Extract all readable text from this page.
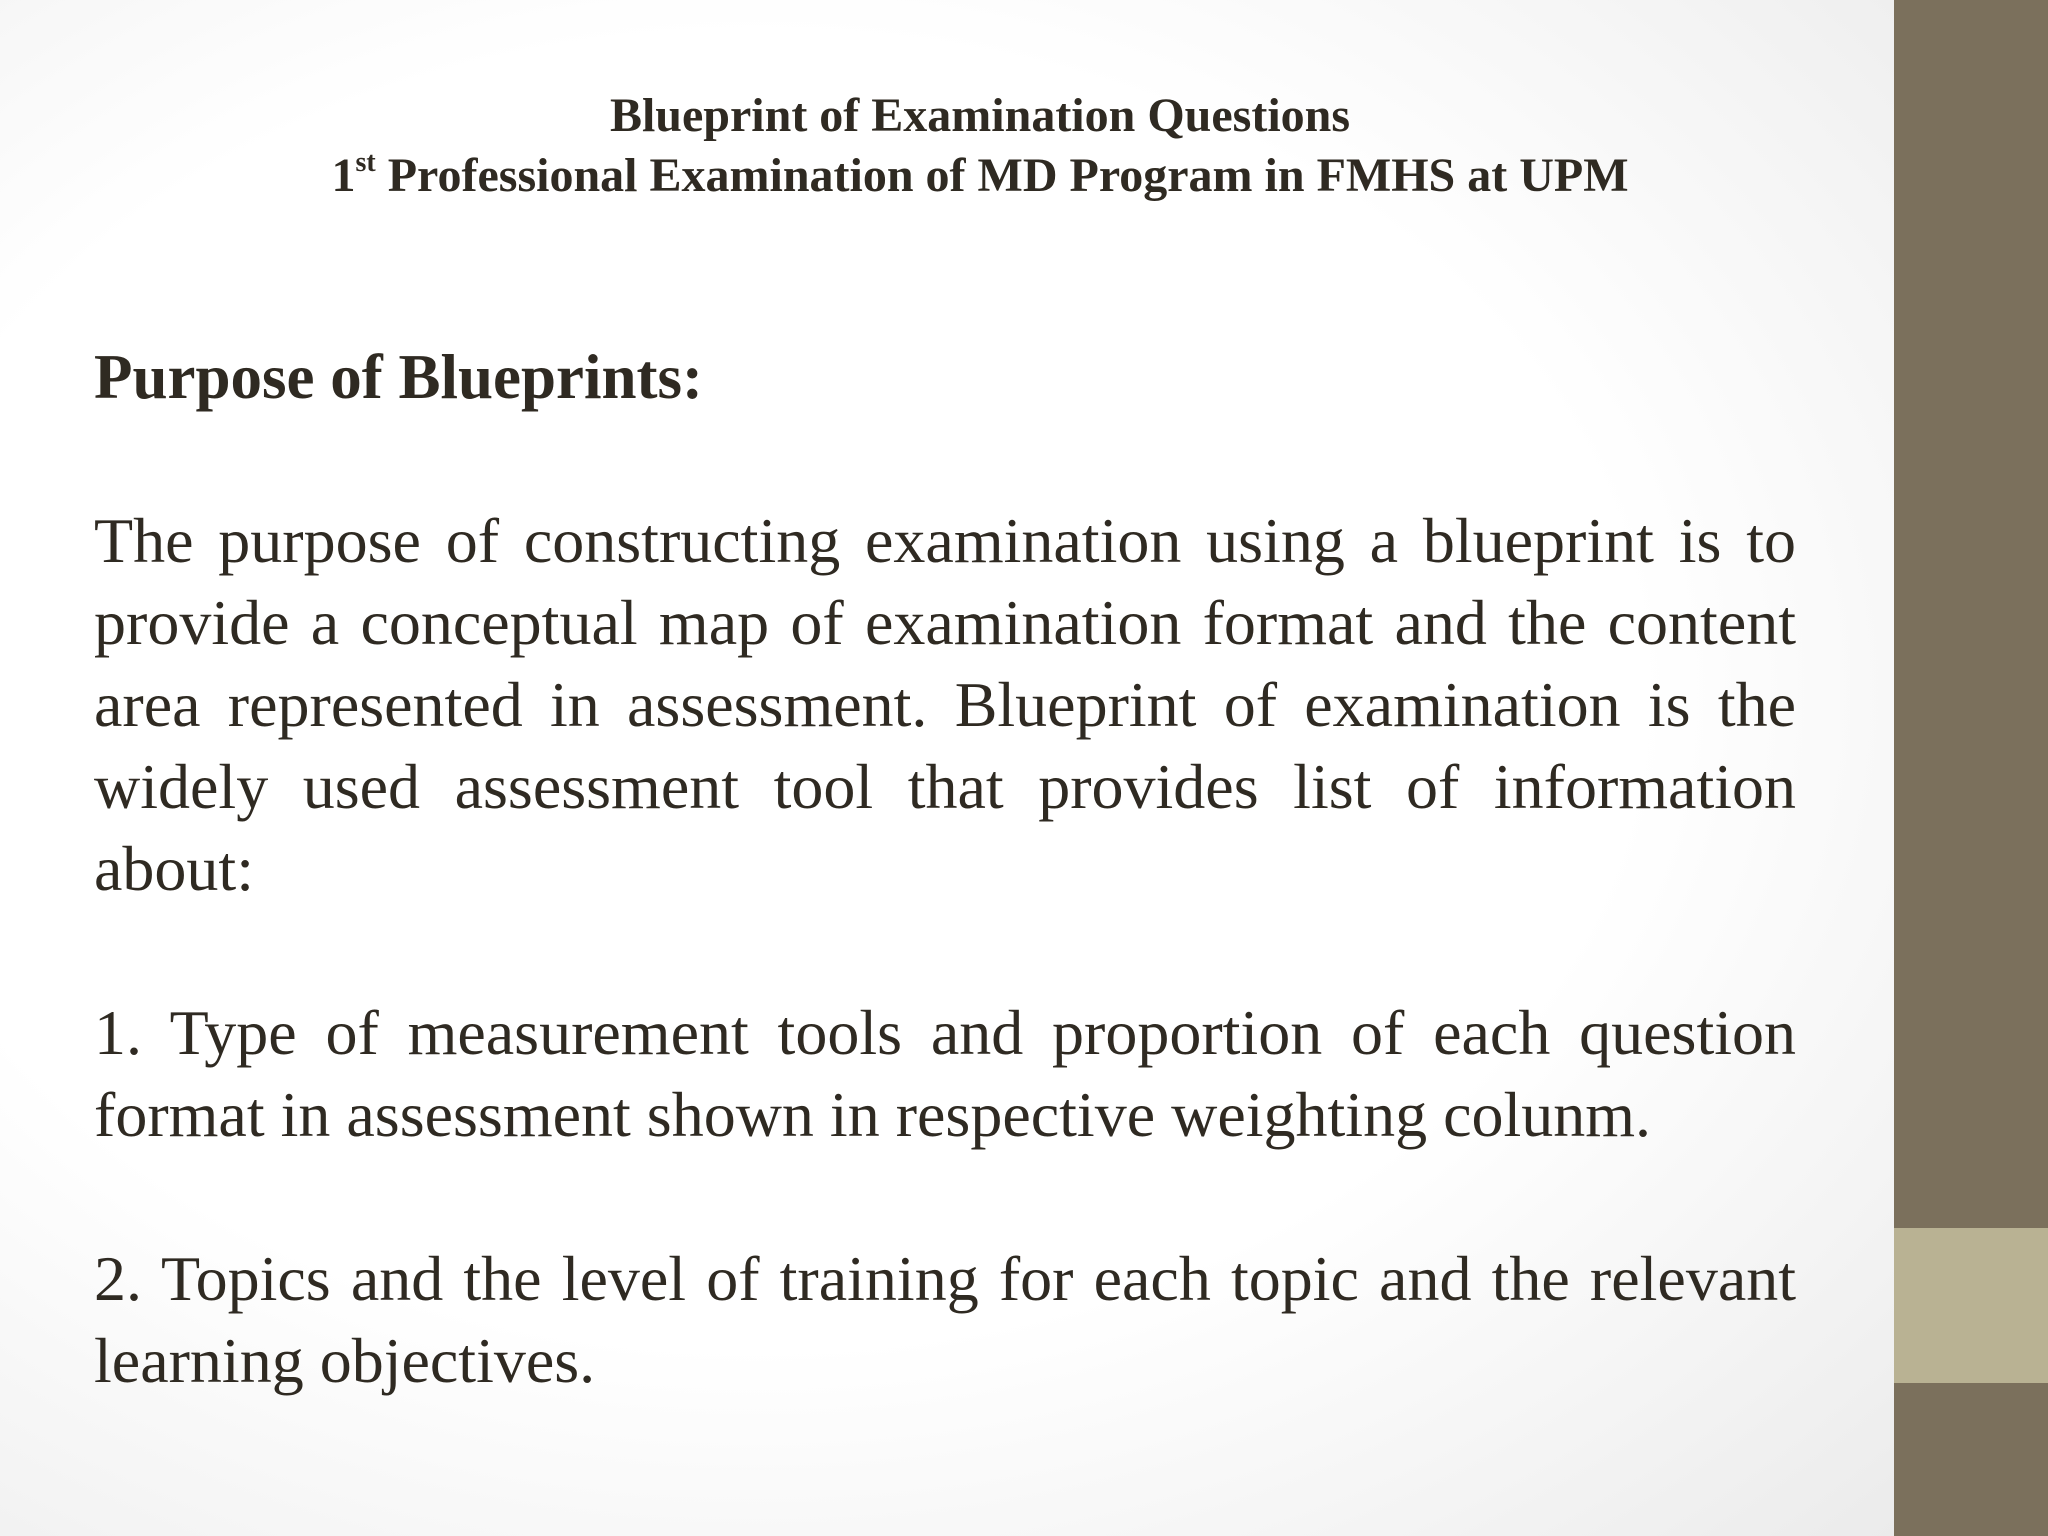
Blueprint of Examination Questions
1st Professional Examination of MD Program in FMHS at UPM

Purpose of Blueprints:

The purpose of constructing examination using a blueprint is to provide a conceptual map of examination format and the content area represented in assessment. Blueprint of examination is the widely used assessment tool that provides list of information about:

1. Type of measurement tools and proportion of each question format in assessment shown in respective weighting colunm.

2. Topics and the level of training for each topic and the relevant learning objectives.
